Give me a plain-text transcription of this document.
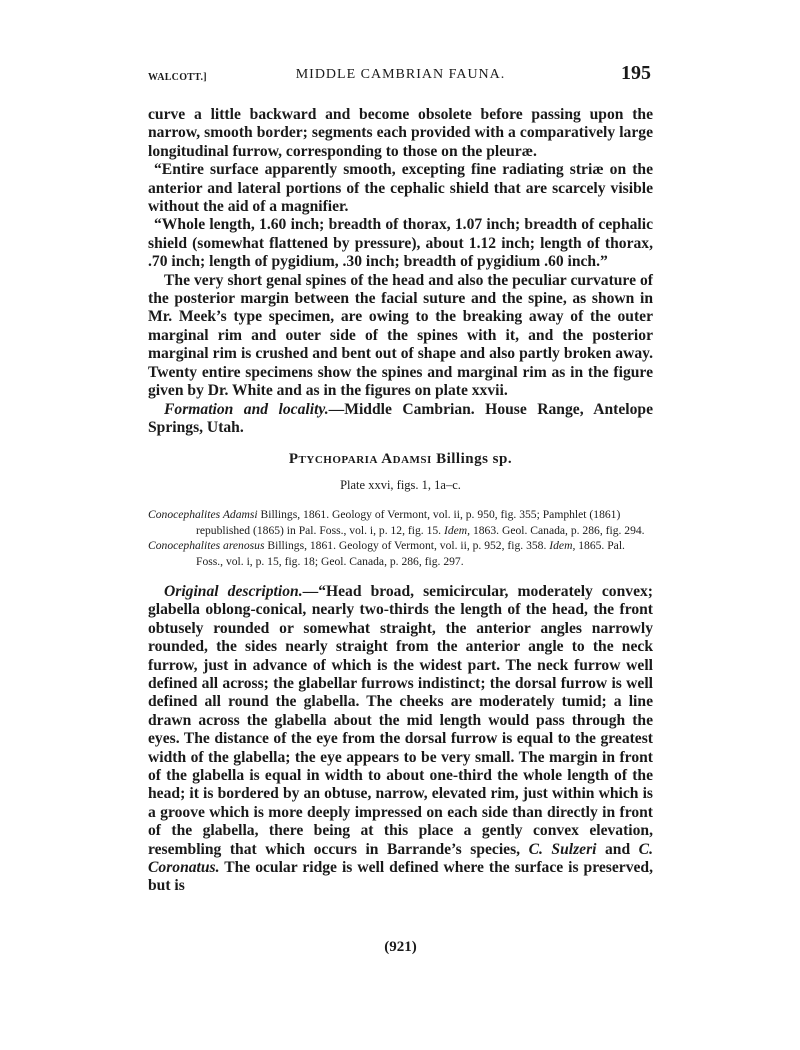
WALCOTT.]	MIDDLE CAMBRIAN FAUNA.	195

curve a little backward and become obsolete before passing upon the narrow, smooth border; segments each provided with a comparatively large longitudinal furrow, corresponding to those on the pleuræ.

“Entire surface apparently smooth, excepting fine radiating striæ on the anterior and lateral portions of the cephalic shield that are scarcely visible without the aid of a magnifier.

“Whole length, 1.60 inch; breadth of thorax, 1.07 inch; breadth of cephalic shield (somewhat flattened by pressure), about 1.12 inch; length of thorax, .70 inch; length of pygidium, .30 inch; breadth of pygidium .60 inch.”

The very short genal spines of the head and also the peculiar curvature of the posterior margin between the facial suture and the spine, as shown in Mr. Meek’s type specimen, are owing to the breaking away of the outer marginal rim and outer side of the spines with it, and the posterior marginal rim is crushed and bent out of shape and also partly broken away. Twenty entire specimens show the spines and marginal rim as in the figure given by Dr. White and as in the figures on plate xxvii.

Formation and locality.—Middle Cambrian. House Range, Antelope Springs, Utah.

Ptychoparia Adamsi Billings sp.
Plate xxvi, figs. 1, 1a–c.

Conocephalites Adamsi Billings, 1861. Geology of Vermont, vol. ii, p. 950, fig. 355; Pamphlet (1861) republished (1865) in Pal. Foss., vol. i, p. 12, fig. 15. Idem, 1863. Geol. Canada, p. 286, fig. 294.

Conocephalites arenosus Billings, 1861. Geology of Vermont, vol. ii, p. 952, fig. 358. Idem, 1865. Pal. Foss., vol. i, p. 15, fig. 18; Geol. Canada, p. 286, fig. 297.

Original description.—“Head broad, semicircular, moderately convex; glabella oblong-conical, nearly two-thirds the length of the head, the front obtusely rounded or somewhat straight, the anterior angles narrowly rounded, the sides nearly straight from the anterior angle to the neck furrow, just in advance of which is the widest part. The neck furrow well defined all across; the glabellar furrows indistinct; the dorsal furrow is well defined all round the glabella. The cheeks are moderately tumid; a line drawn across the glabella about the mid length would pass through the eyes. The distance of the eye from the dorsal furrow is equal to the greatest width of the glabella; the eye appears to be very small. The margin in front of the glabella is equal in width to about one-third the whole length of the head; it is bordered by an obtuse, narrow, elevated rim, just within which is a groove which is more deeply impressed on each side than directly in front of the glabella, there being at this place a gently convex elevation, resembling that which occurs in Barrande’s species, C. Sulzeri and C. Coronatus. The ocular ridge is well defined where the surface is preserved, but is

(921)
